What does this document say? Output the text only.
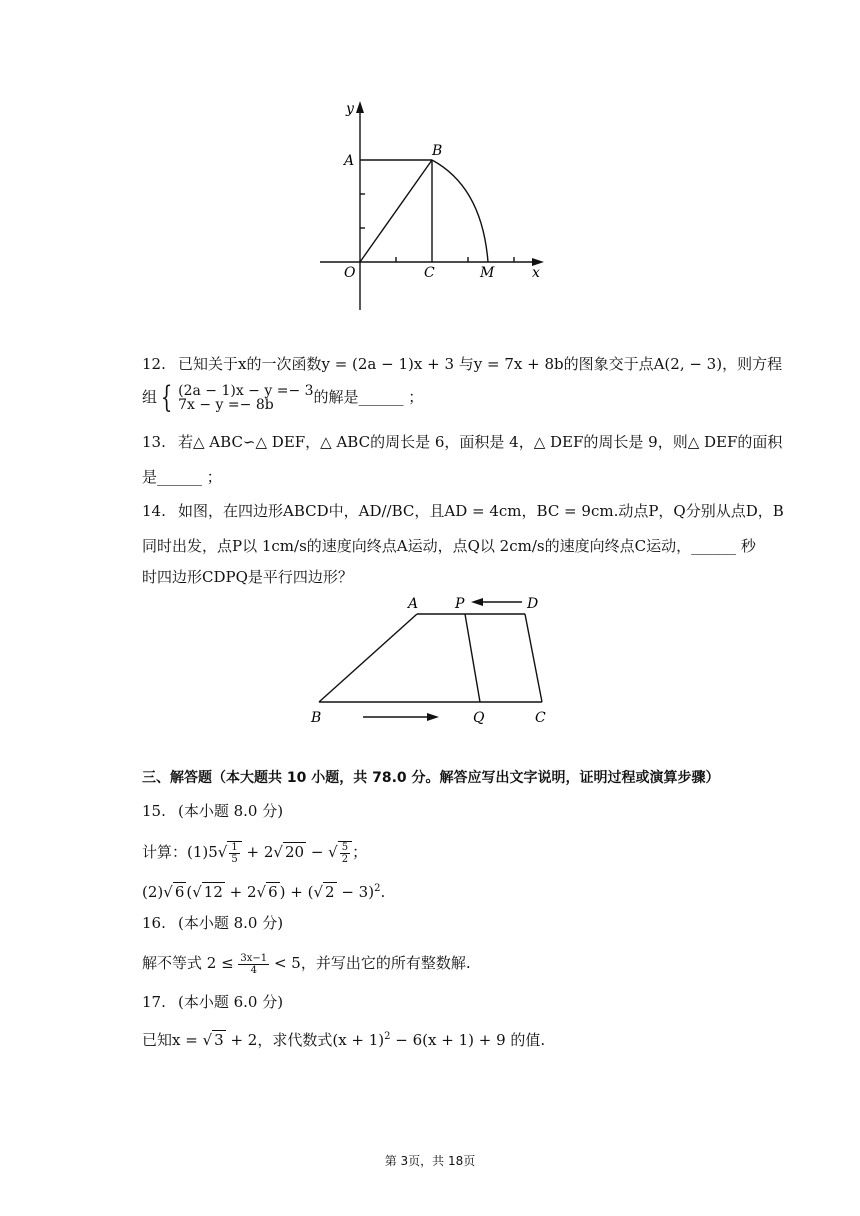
y
A
B
O	C	M	x
12. 已知关于x的一次函数y = (2a − 1)x + 3 与y = 7x + 8b的图象交于点A(2, − 3)，则方程
组 { (2a − 1)x − y =− 3
7x − y =− 8b	的解是______ ；
13. 若△ ABC∽△ DEF，△ ABC的周长是 6，面积是 4，△ DEF的周长是 9，则△ DEF的面积
是______ ；
14. 如图，在四边形ABCD中，AD//BC，且AD = 4cm，BC = 9cm.动点P，Q分别从点D，B
同时出发，点P以 1cm/s的速度向终点A运动，点Q以 2cm/s的速度向终点C运动，______ 秒
时四边形CDPQ是平行四边形？
A	P	D
B	Q	C
三、解答题（本大题共 10 小题，共 78.0 分。解答应写出文字说明，证明过程或演算步骤）
15. (本小题 8.0 分)
计算：$(1)5√ \frac{1}{5} + 2√$ 20 − √ $\frac{5}{2}$ ；
(2)√ 6 (√ 12 + 2√ 6 ) + (√ 2 − 3)$^2$.
16. (本小题 8.0 分)
解不等式 $2 \le \frac{3x-1}{4} < 5$，并写出它的所有整数解.
17. (本小题 6.0 分)
已知x = √ 3 + 2，求代数式$(x + 1)^2 - 6(x + 1) + 9$ 的值.
第 3页，共 18页
